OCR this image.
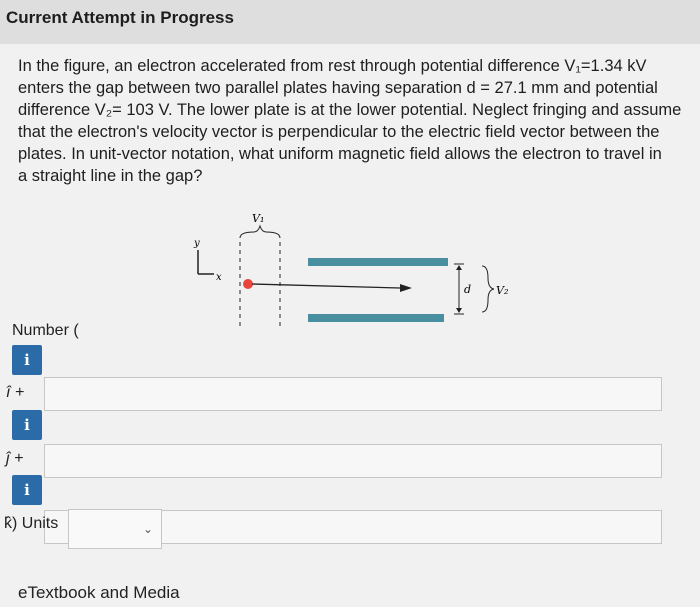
Current Attempt in Progress
In the figure, an electron accelerated from rest through potential difference V₁=1.34 kV
enters the gap between two parallel plates having separation d = 27.1 mm and potential
difference V₂= 103 V. The lower plate is at the lower potential. Neglect fringing and assume
that the electron's velocity vector is perpendicular to the electric field vector between the
plates. In unit-vector notation, what uniform magnetic field allows the electron to travel in
a straight line in the gap?
y
x
V₁
d V₂
Number (
i
î +
i
ĵ +
i
k̂) Units	⌄
eTextbook and Media
